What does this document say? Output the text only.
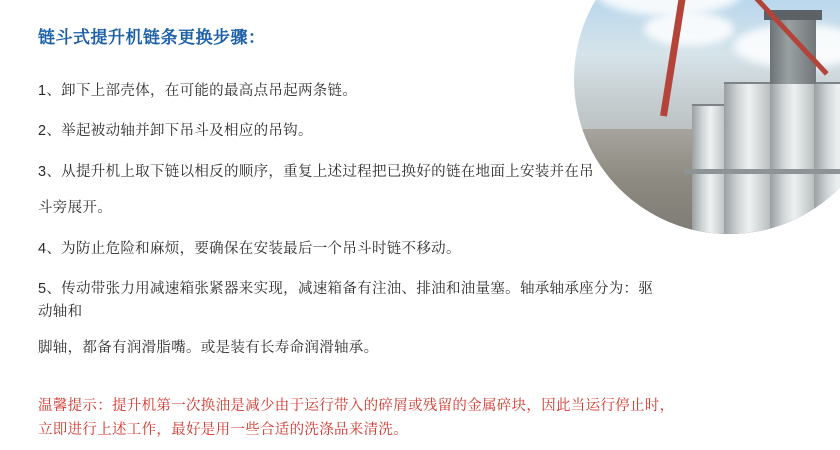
链斗式提升机链条更换步骤：

1、卸下上部壳体，在可能的最高点吊起两条链。

2、举起被动轴并卸下吊斗及相应的吊钩。

3、从提升机上取下链以相反的顺序，重复上述过程把已换好的链在地面上安装并在吊
斗旁展开。

4、为防止危险和麻烦，要确保在安装最后一个吊斗时链不移动。

5、传动带张力用减速箱张紧器来实现，减速箱备有注油、排油和油量塞。轴承轴承座分为：驱动轴和
脚轴，都备有润滑脂嘴。或是装有长寿命润滑轴承。

温馨提示：提升机第一次换油是减少由于运行带入的碎屑或残留的金属碎块，因此当运行停止时，
立即进行上述工作，最好是用一些合适的洗涤品来清洗。
